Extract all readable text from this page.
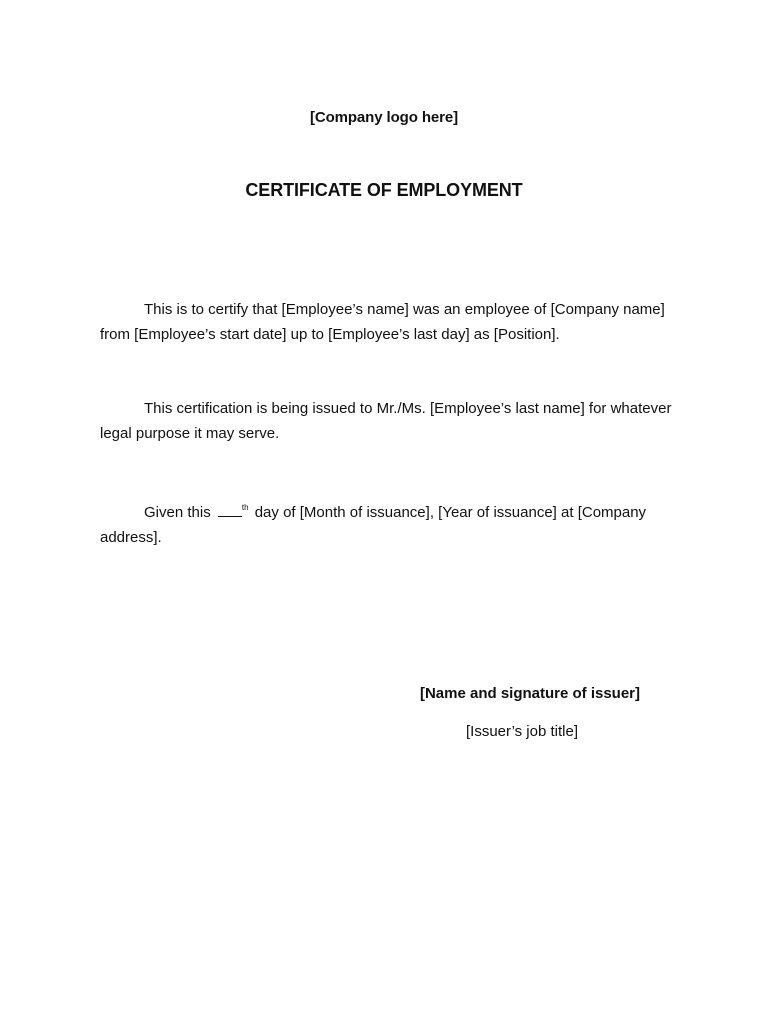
[Company logo here]
CERTIFICATE OF EMPLOYMENT

This is to certify that [Employee’s name] was an employee of [Company name] from [Employee’s start date] up to [Employee’s last day] as [Position].

This certification is being issued to Mr./Ms. [Employee’s last name] for whatever legal purpose it may serve.

Given this	$^{th}$ day of [Month of issuance], [Year of issuance] at [Company address].

[Name and signature of issuer]
[Issuer’s job title]
